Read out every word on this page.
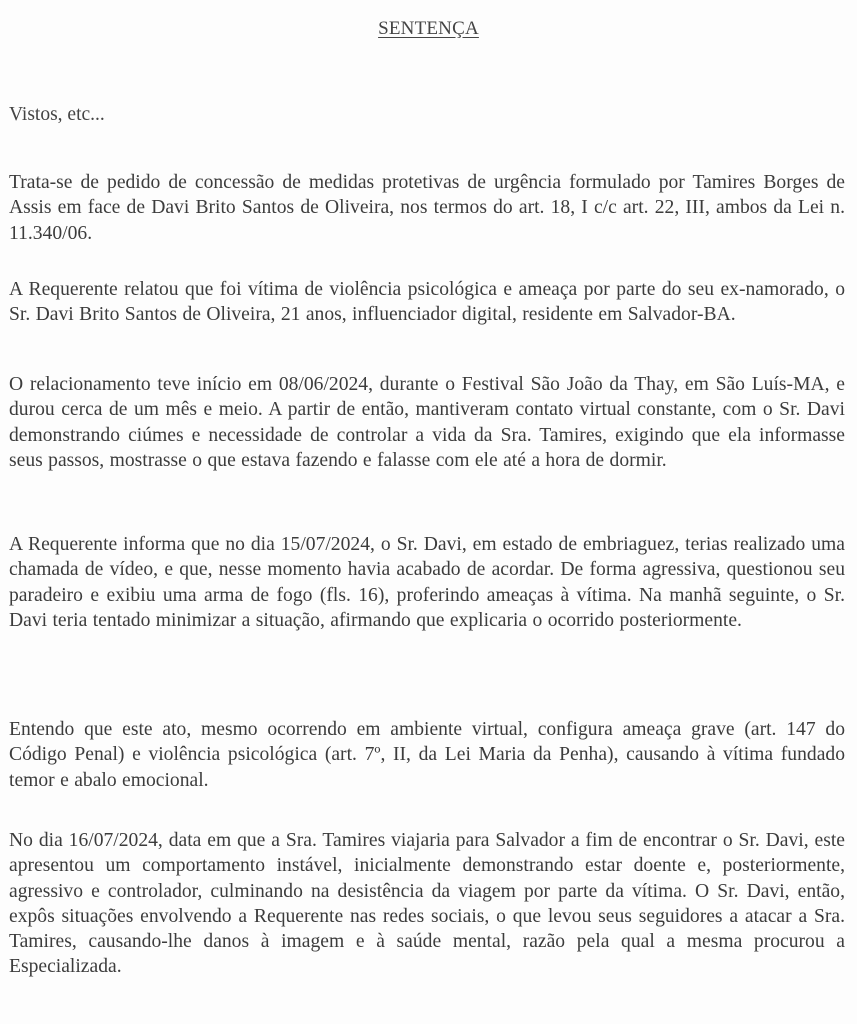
SENTENÇA
Vistos, etc...

Trata-se de pedido de concessão de medidas protetivas de urgência formulado por Tamires Borges de Assis em face de Davi Brito Santos de Oliveira, nos termos do art. 18, I c/c art. 22, III, ambos da Lei n. 11.340/06.

A Requerente relatou que foi vítima de violência psicológica e ameaça por parte do seu ex-namorado, o Sr. Davi Brito Santos de Oliveira, 21 anos, influenciador digital, residente em Salvador-BA.

O relacionamento teve início em 08/06/2024, durante o Festival São João da Thay, em São Luís-MA, e durou cerca de um mês e meio. A partir de então, mantiveram contato virtual constante, com o Sr. Davi demonstrando ciúmes e necessidade de controlar a vida da Sra. Tamires, exigindo que ela informasse seus passos, mostrasse o que estava fazendo e falasse com ele até a hora de dormir.

A Requerente informa que no dia 15/07/2024, o Sr. Davi, em estado de embriaguez, terias realizado uma chamada de vídeo, e que, nesse momento havia acabado de acordar. De forma agressiva, questionou seu paradeiro e exibiu uma arma de fogo (fls. 16), proferindo ameaças à vítima. Na manhã seguinte, o Sr. Davi teria tentado minimizar a situação, afirmando que explicaria o ocorrido posteriormente.

Entendo que este ato, mesmo ocorrendo em ambiente virtual, configura ameaça grave (art. 147 do Código Penal) e violência psicológica (art. 7º, II, da Lei Maria da Penha), causando à vítima fundado temor e abalo emocional.

No dia 16/07/2024, data em que a Sra. Tamires viajaria para Salvador a fim de encontrar o Sr. Davi, este apresentou um comportamento instável, inicialmente demonstrando estar doente e, posteriormente, agressivo e controlador, culminando na desistência da viagem por parte da vítima. O Sr. Davi, então, expôs situações envolvendo a Requerente nas redes sociais, o que levou seus seguidores a atacar a Sra. Tamires, causando-lhe danos à imagem e à saúde mental, razão pela qual a mesma procurou a Especializada.
